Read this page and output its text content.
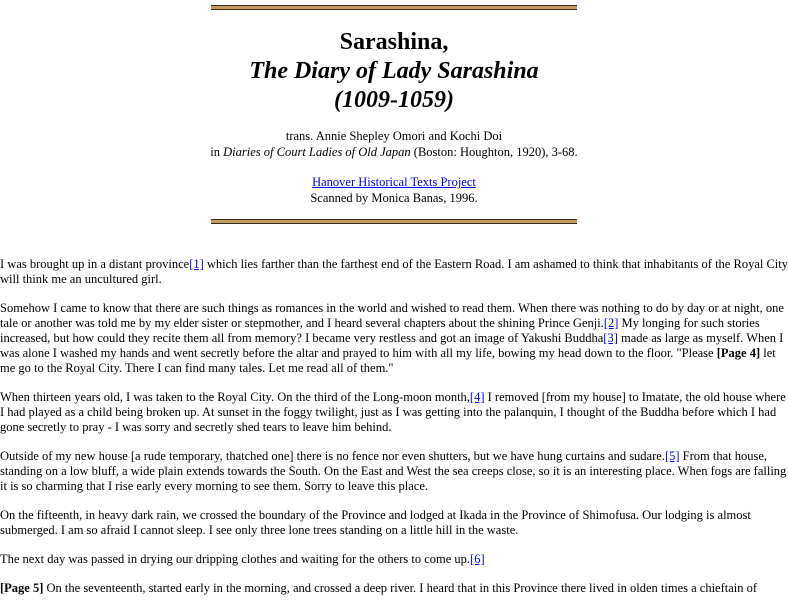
Sarashina,
The Diary of Lady Sarashina
(1009-1059)
trans. Annie Shepley Omori and Kochi Doi
in Diaries of Court Ladies of Old Japan (Boston: Houghton, 1920), 3-68.
Hanover Historical Texts Project
Scanned by Monica Banas, 1996.

I was brought up in a distant province[1] which lies farther than the farthest end of the Eastern Road. I am ashamed to think that inhabitants of the Royal City will think me an uncultured girl.

Somehow I came to know that there are such things as romances in the world and wished to read them. When there was nothing to do by day or at night, one tale or another was told me by my elder sister or stepmother, and I heard several chapters about the shining Prince Genji.[2] My longing for such stories increased, but how could they recite them all from memory? I became very restless and got an image of Yakushi Buddha[3] made as large as myself. When I was alone I washed my hands and went secretly before the altar and prayed to him with all my life, bowing my head down to the floor. "Please [Page 4] let me go to the Royal City. There I can find many tales. Let me read all of them."

When thirteen years old, I was taken to the Royal City. On the third of the Long-moon month,[4] I removed [from my house] to Imatate, the old house where I had played as a child being broken up. At sunset in the foggy twilight, just as I was getting into the palanquin, I thought of the Buddha before which I had gone secretly to pray - I was sorry and secretly shed tears to leave him behind.

Outside of my new house [a rude temporary, thatched one] there is no fence nor even shutters, but we have hung curtains and sudare.[5] From that house, standing on a low bluff, a wide plain extends towards the South. On the East and West the sea creeps close, so it is an interesting place. When fogs are falling it is so charming that I rise early every morning to see them. Sorry to leave this place.

On the fifteenth, in heavy dark rain, we crossed the boundary of the Province and lodged at Ikada in the Province of Shimofusa. Our lodging is almost submerged. I am so afraid I cannot sleep. I see only three lone trees standing on a little hill in the waste.

The next day was passed in drying our dripping clothes and waiting for the others to come up.[6]

[Page 5] On the seventeenth, started early in the morning, and crossed a deep river. I heard that in this Province there lived in olden times a chieftain of
